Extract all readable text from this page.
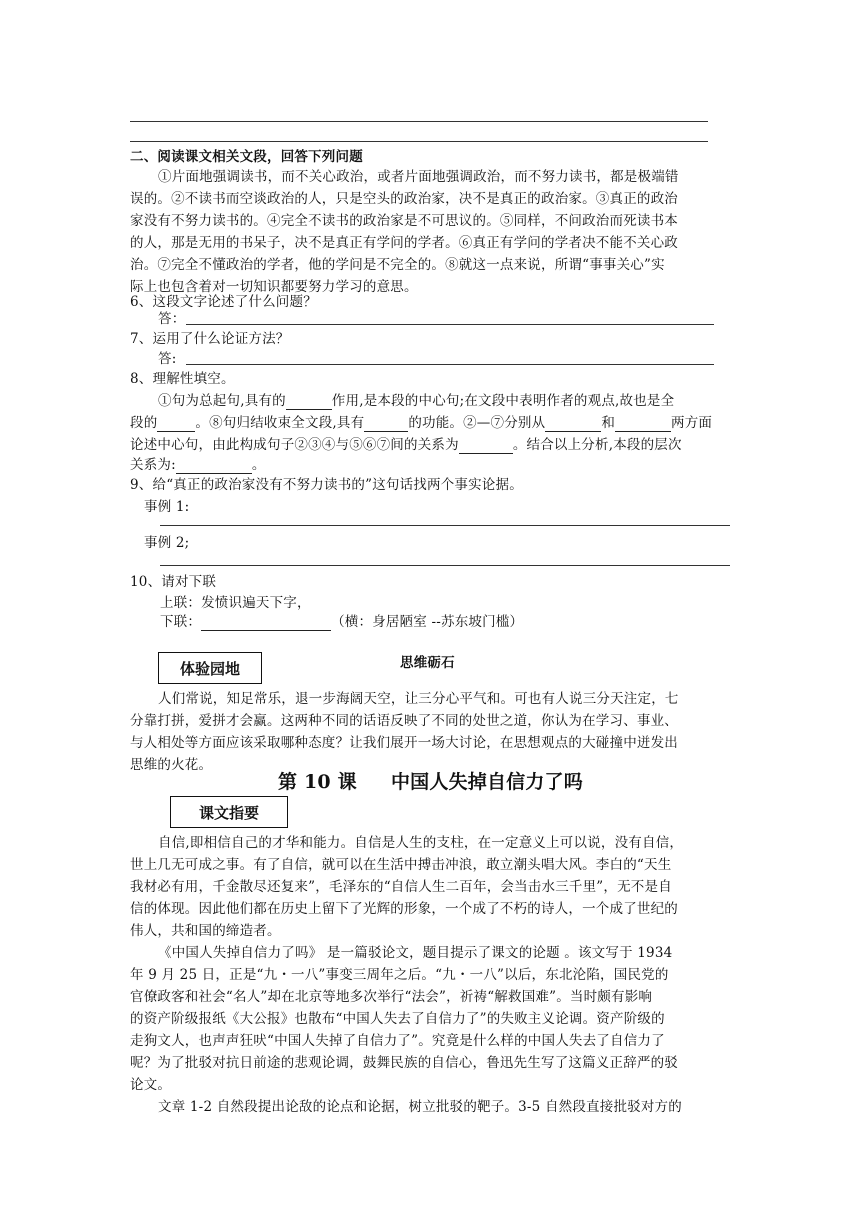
二、阅读课文相关文段，回答下列问题
①片面地强调读书，而不关心政治，或者片面地强调政治，而不努力读书，都是极端错
误的。②不读书而空谈政治的人，只是空头的政治家，决不是真正的政治家。③真正的政治
家没有不努力读书的。④完全不读书的政治家是不可思议的。⑤同样，不问政治而死读书本
的人，那是无用的书呆子，决不是真正有学问的学者。⑥真正有学问的学者决不能不关心政
治。⑦完全不懂政治的学者，他的学问是不完全的。⑧就这一点来说，所谓“事事关心”实
际上也包含着对一切知识都要努力学习的意思。
6、这段文字论述了什么问题？
答：
7、运用了什么论证方法？
答:
8、理解性填空。
①句为总起句,具有的	作用,是本段的中心句;在文段中表明作者的观点,故也是全
段的	。⑧句归结收束全文段,具有	的功能。②—⑦分别从	和	两方面
论述中心句，由此构成句子②③④与⑤⑥⑦间的关系为	。结合以上分析,本段的层次
关系为:	。
9、给“真正的政治家没有不努力读书的”这句话找两个事实论据。
事例 1:
事例 2;
10、请对下联
上联：发愤识遍天下字，
下联：	（横：身居陋室 --苏东坡门槛）
体验园地	思维砺石
人们常说，知足常乐，退一步海阔天空，让三分心平气和。可也有人说三分天注定，七
分靠打拼，爱拼才会赢。这两种不同的话语反映了不同的处世之道，你认为在学习、事业、
与人相处等方面应该采取哪种态度？让我们展开一场大讨论，在思想观点的大碰撞中迸发出
思维的火花。
第 10 课     中国人失掉自信力了吗
课文指要
自信,即相信自己的才华和能力。自信是人生的支柱，在一定意义上可以说，没有自信，
世上几无可成之事。有了自信，就可以在生活中搏击冲浪，敢立潮头唱大风。李白的“天生
我材必有用，千金散尽还复来”，毛泽东的“自信人生二百年，会当击水三千里”，无不是自
信的体现。因此他们都在历史上留下了光辉的形象，一个成了不朽的诗人，一个成了世纪的
伟人，共和国的缔造者。
《中国人失掉自信力了吗》 是一篇驳论文，题目提示了课文的论题 。该文写于 1934
年 9 月 25 日，正是“九・一八”事变三周年之后。“九・一八”以后，东北沦陷，国民党的
官僚政客和社会“名人”却在北京等地多次举行“法会”，祈祷“解救国难”。当时颇有影响
的资产阶级报纸《大公报》也散布“中国人失去了自信力了”的失败主义论调。资产阶级的
走狗文人，也声声狂吠“中国人失掉了自信力了”。究竟是什么样的中国人失去了自信力了
呢？为了批驳对抗日前途的悲观论调，鼓舞民族的自信心，鲁迅先生写了这篇义正辞严的驳
论文。
文章 1-2 自然段提出论敌的论点和论据，树立批驳的靶子。3-5 自然段直接批驳对方的
